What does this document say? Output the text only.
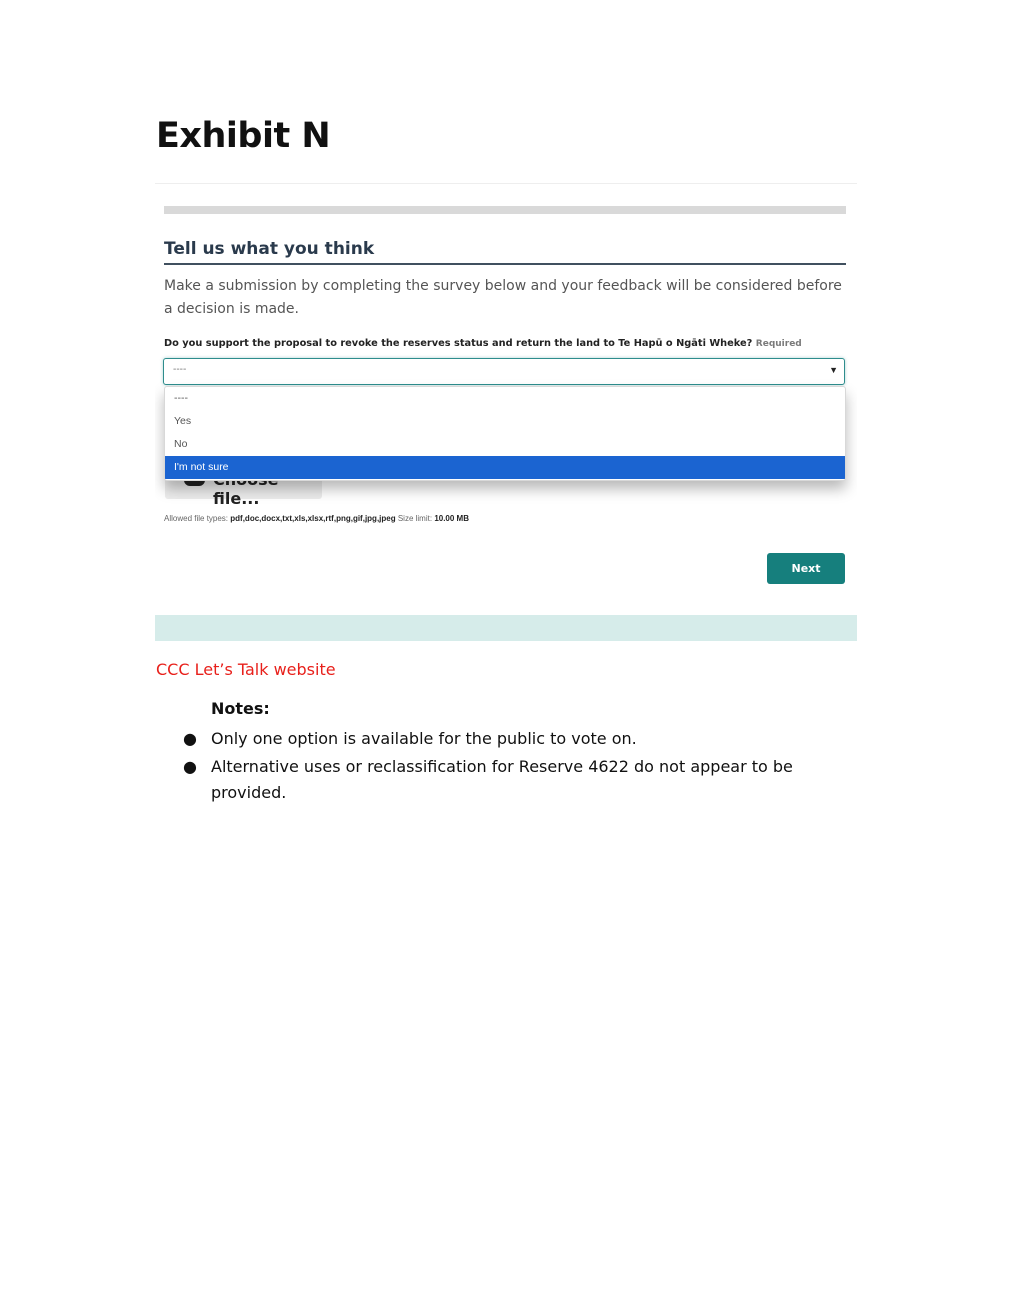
Exhibit N
Tell us what you think

Make a submission by completing the survey below and your feedback will be considered before a decision is made.

Do you support the proposal to revoke the reserves status and return the land to Te Hapū o Ngāti Wheke? Required
----	▼
file...
----
Yes
No
I'm not sure
Allowed file types: pdf,doc,docx,txt,xls,xlsx,rtf,png,gif,jpg,jpeg Size limit: 10.00 MB
Next
CCC Let’s Talk website
Notes:
● Only one option is available for the public to vote on.
● Alternative uses or reclassification for Reserve 4622 do not appear to be provided.
